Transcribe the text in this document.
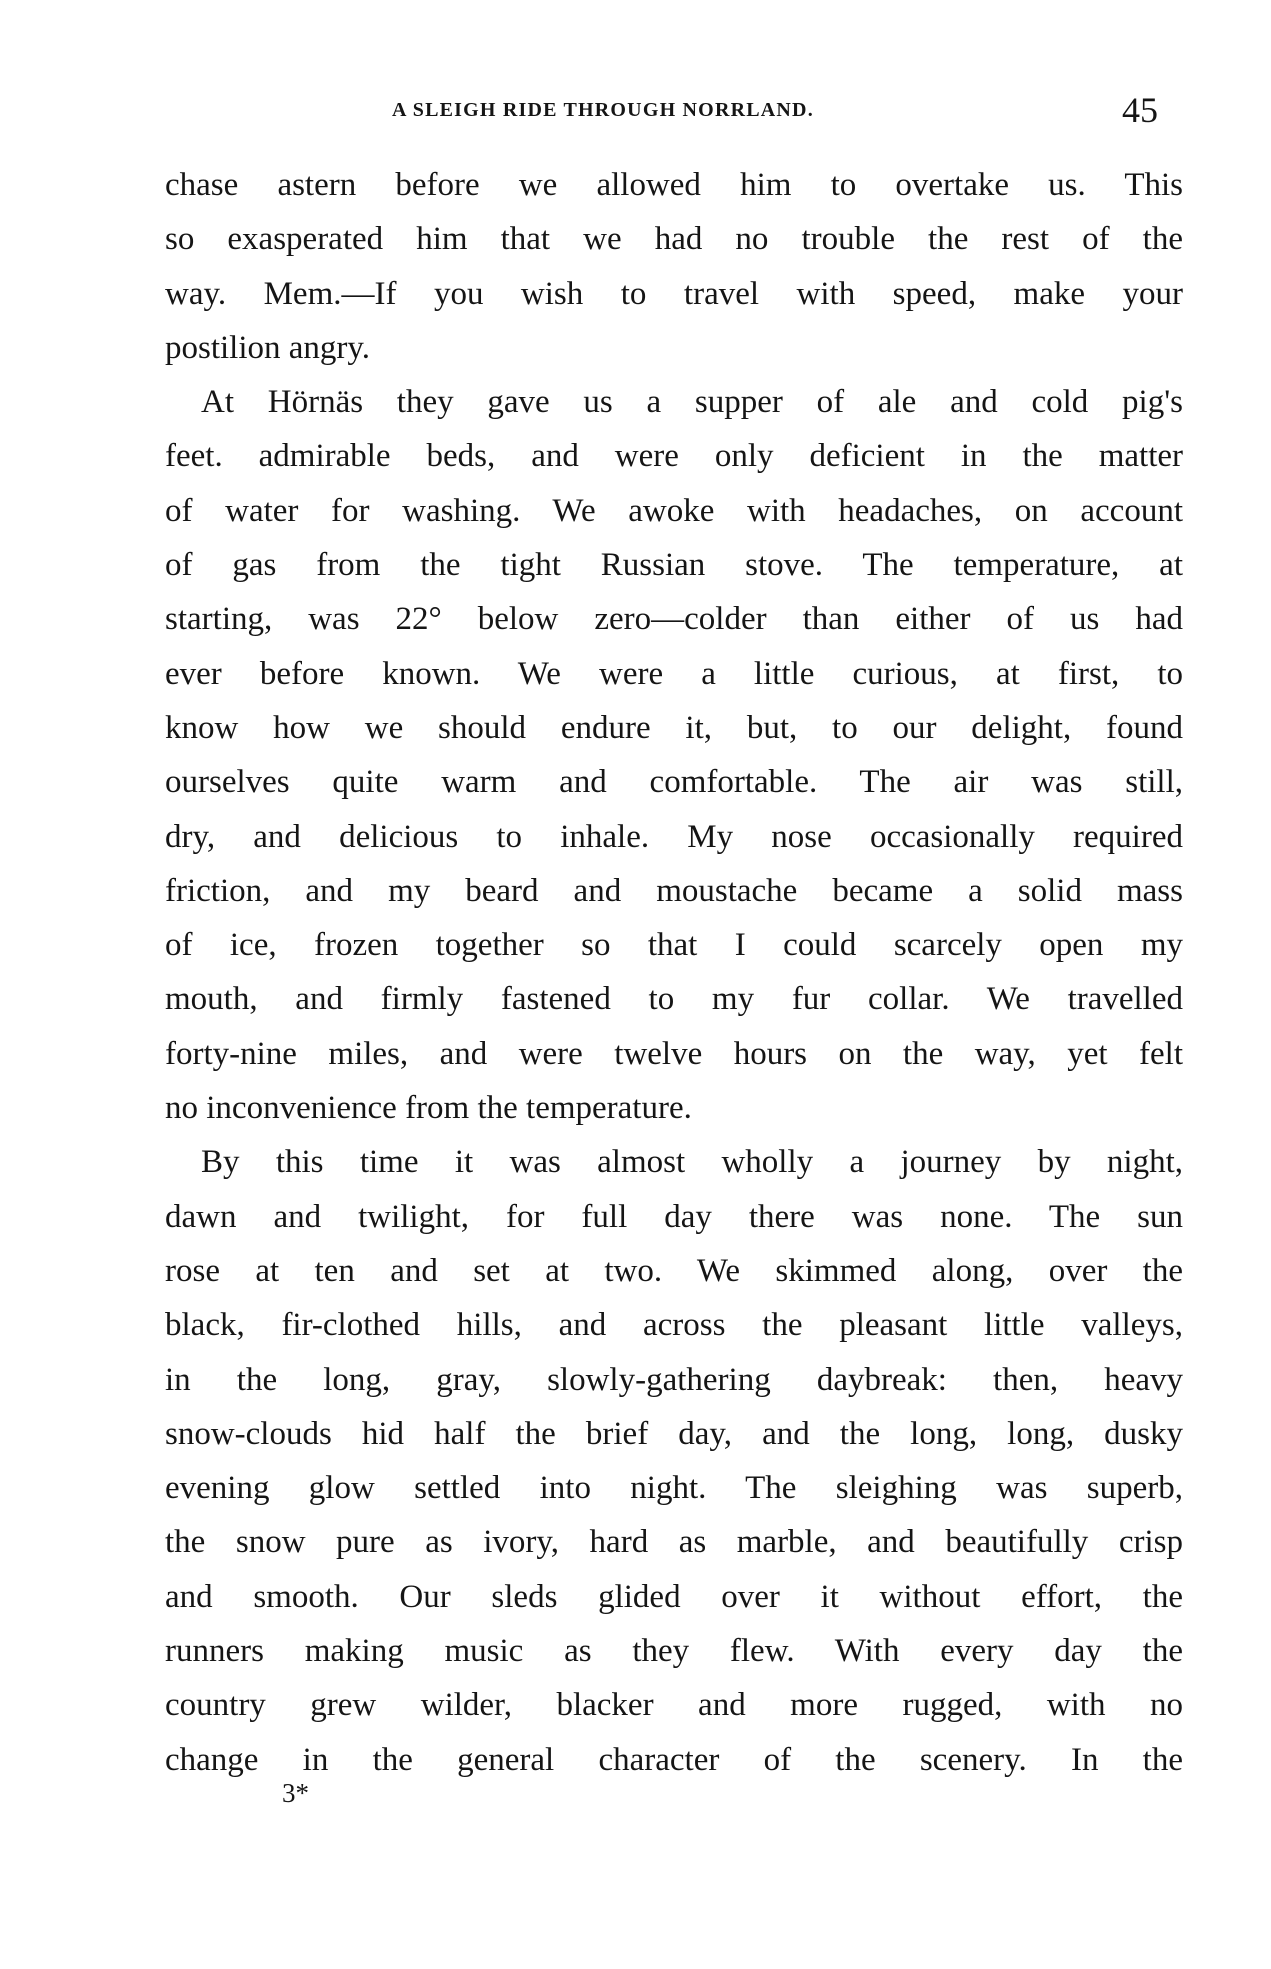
A SLEIGH RIDE THROUGH NORRLAND.	45
chase astern before we allowed him to overtake us. This
so exasperated him that we had no trouble the rest of the
way. Mem.—If you wish to travel with speed, make your
postilion angry.
At Hörnäs they gave us a supper of ale and cold pig's
feet. admirable beds, and were only deficient in the matter
of water for washing. We awoke with headaches, on account
of gas from the tight Russian stove. The temperature, at
starting, was 22° below zero—colder than either of us had
ever before known. We were a little curious, at first, to
know how we should endure it, but, to our delight, found
ourselves quite warm and comfortable. The air was still,
dry, and delicious to inhale. My nose occasionally required
friction, and my beard and moustache became a solid mass
of ice, frozen together so that I could scarcely open my
mouth, and firmly fastened to my fur collar. We travelled
forty-nine miles, and were twelve hours on the way, yet felt
no inconvenience from the temperature.
By this time it was almost wholly a journey by night,
dawn and twilight, for full day there was none. The sun
rose at ten and set at two. We skimmed along, over the
black, fir-clothed hills, and across the pleasant little valleys,
in the long, gray, slowly-gathering daybreak: then, heavy
snow-clouds hid half the brief day, and the long, long, dusky
evening glow settled into night. The sleighing was superb,
the snow pure as ivory, hard as marble, and beautifully crisp
and smooth. Our sleds glided over it without effort, the
runners making music as they flew. With every day the
country grew wilder, blacker and more rugged, with no
change in the general character of the scenery. In the
3*
